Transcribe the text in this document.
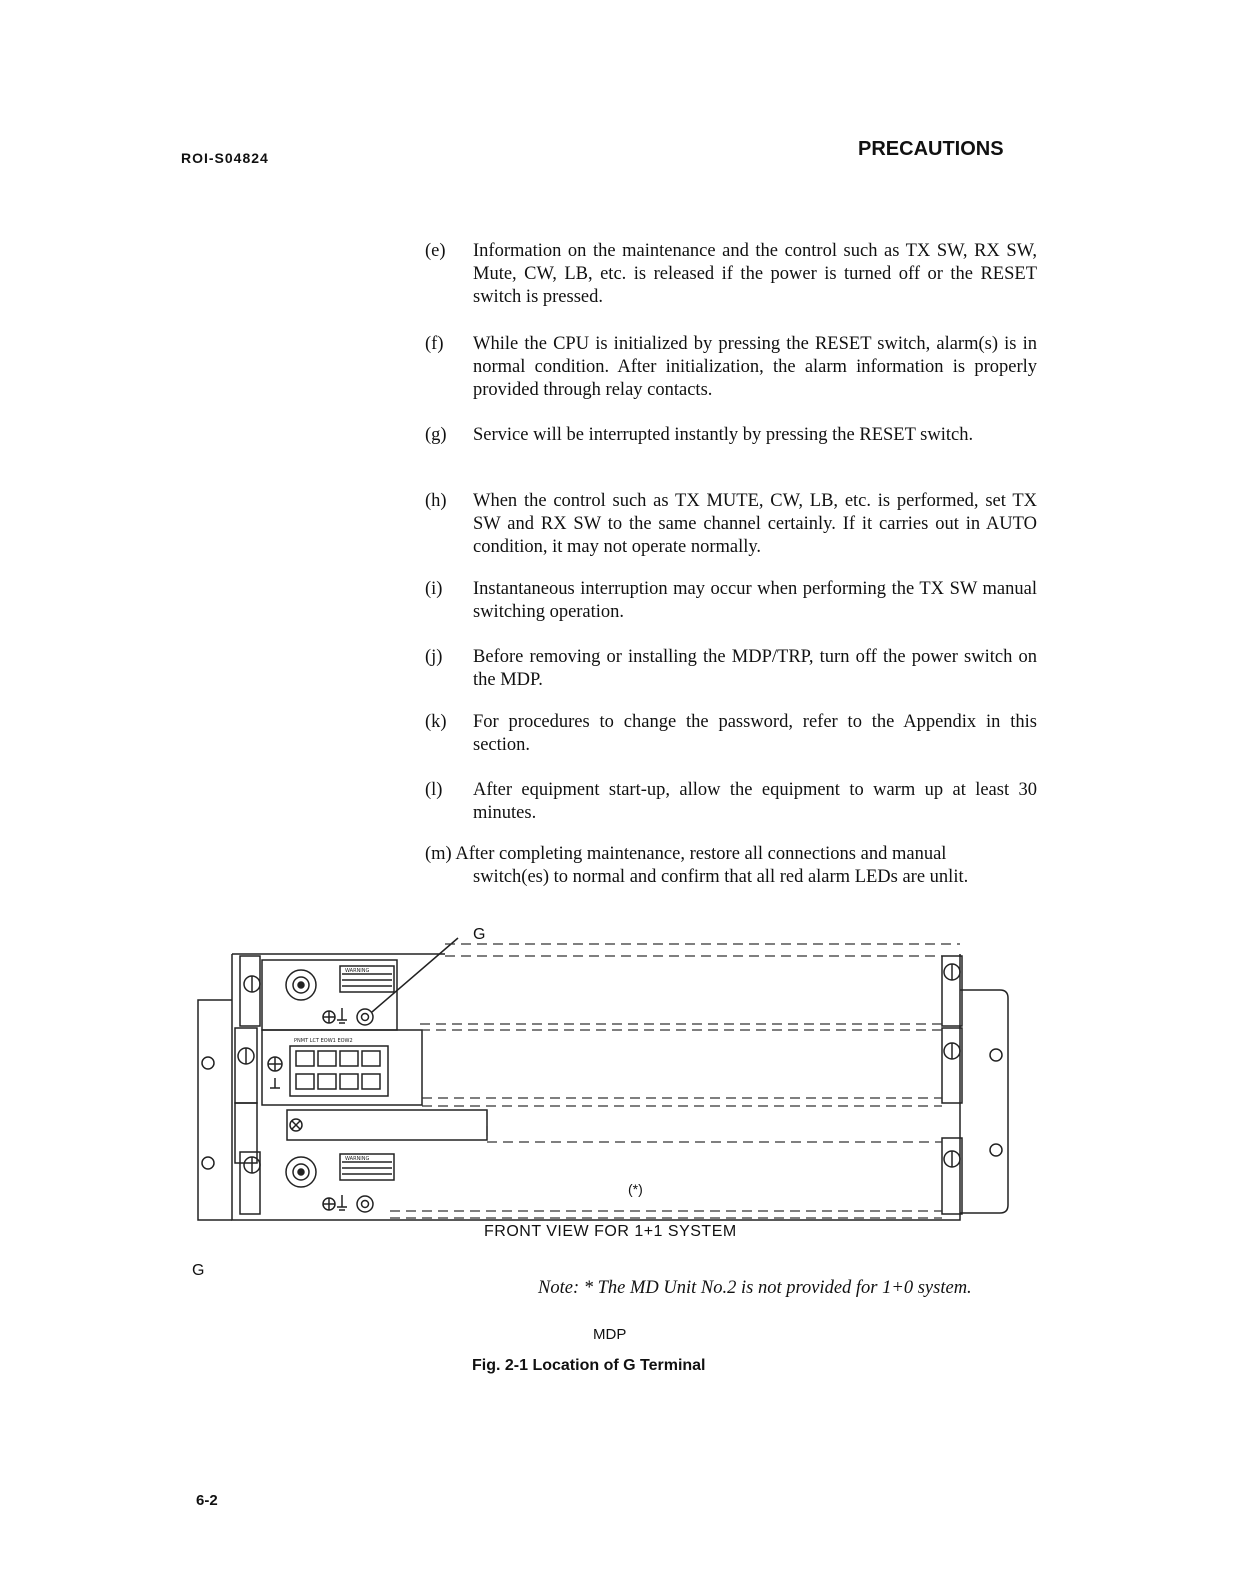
ROI-S04824	PRECAUTIONS
(e) Information on the maintenance and the control such as TX SW, RX SW, Mute, CW, LB, etc. is released if the power is turned off or the RESET switch is pressed.
(f) While the CPU is initialized by pressing the RESET switch, alarm(s) is in normal condition. After initialization, the alarm information is properly provided through relay contacts.
(g) Service will be interrupted instantly by pressing the RESET switch.
(h) When the control such as TX MUTE, CW, LB, etc. is performed, set TX SW and RX SW to the same channel certainly. If it carries out in AUTO condition, it may not operate normally.
(i) Instantaneous interruption may occur when performing the TX SW manual switching operation.
(j) Before removing or installing the MDP/TRP, turn off the power switch on the MDP.
(k) For procedures to change the password, refer to the Appendix in this section.
(l) After equipment start-up, allow the equipment to warm up at least 30 minutes.
(m) After completing maintenance, restore all connections and manual
switch(es) to normal and confirm that all red alarm LEDs are unlit.
G
PNMT LCT EOW1 EOW2
WARNING
WARNING
(*)
FRONT VIEW FOR 1+1 SYSTEM
G
Note: * The MD Unit No.2 is not provided for 1+0 system.
MDP
Fig. 2-1 Location of G Terminal
6-2
